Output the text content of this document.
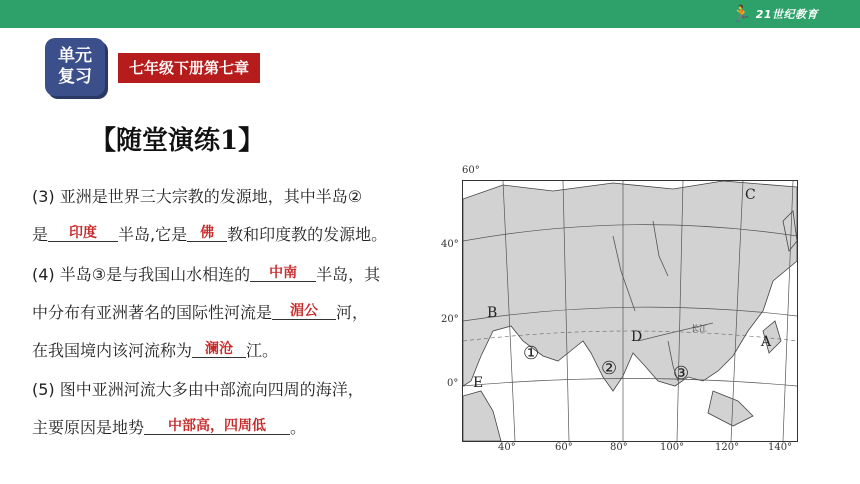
🏃 21世纪教育
单元
复习	七年级下册第七章
【随堂演练1】
(3) 亚洲是世界三大宗教的发源地，其中半岛②
是 印度 半岛,它是 佛 教和印度教的发源地。
(4) 半岛③是与我国山水相连的 中南 半岛，其
中分布有亚洲著名的国际性河流是 湄公 河，
在我国境内该河流称为 澜沧 江。
(5) 图中亚洲河流大多由中部流向四周的海洋，
主要原因是地势 中部高，四周低 。
C
B
D	A
E
①
②	③
长江
60°
40°
20°
0°
40°	60°	80°	100°	120°	140°
